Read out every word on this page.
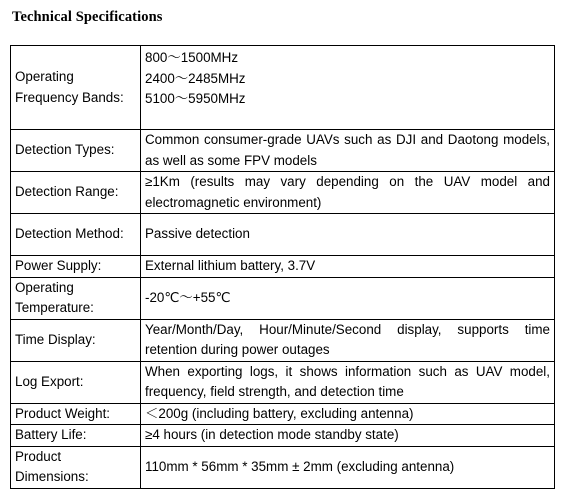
Technical Specifications
Operating Frequency Bands:	800～1500MHz
2400～2485MHz
5100～5950MHz

Detection Types:	Common consumer-grade UAVs such as DJI and Daotong models, as well as some FPV models
Detection Range:	≥1Km (results may vary depending on the UAV model and electromagnetic environment)
Detection Method:	Passive detection
Power Supply:	External lithium battery, 3.7V
Operating Temperature:	-20℃～+55℃
Time Display:	Year/Month/Day, Hour/Minute/Second display, supports time retention during power outages
Log Export:	When exporting logs, it shows information such as UAV model, frequency, field strength, and detection time
Product Weight:	＜200g (including battery, excluding antenna)
Battery Life:	≥4 hours (in detection mode standby state)
Product Dimensions:	110mm * 56mm * 35mm ± 2mm (excluding antenna)
